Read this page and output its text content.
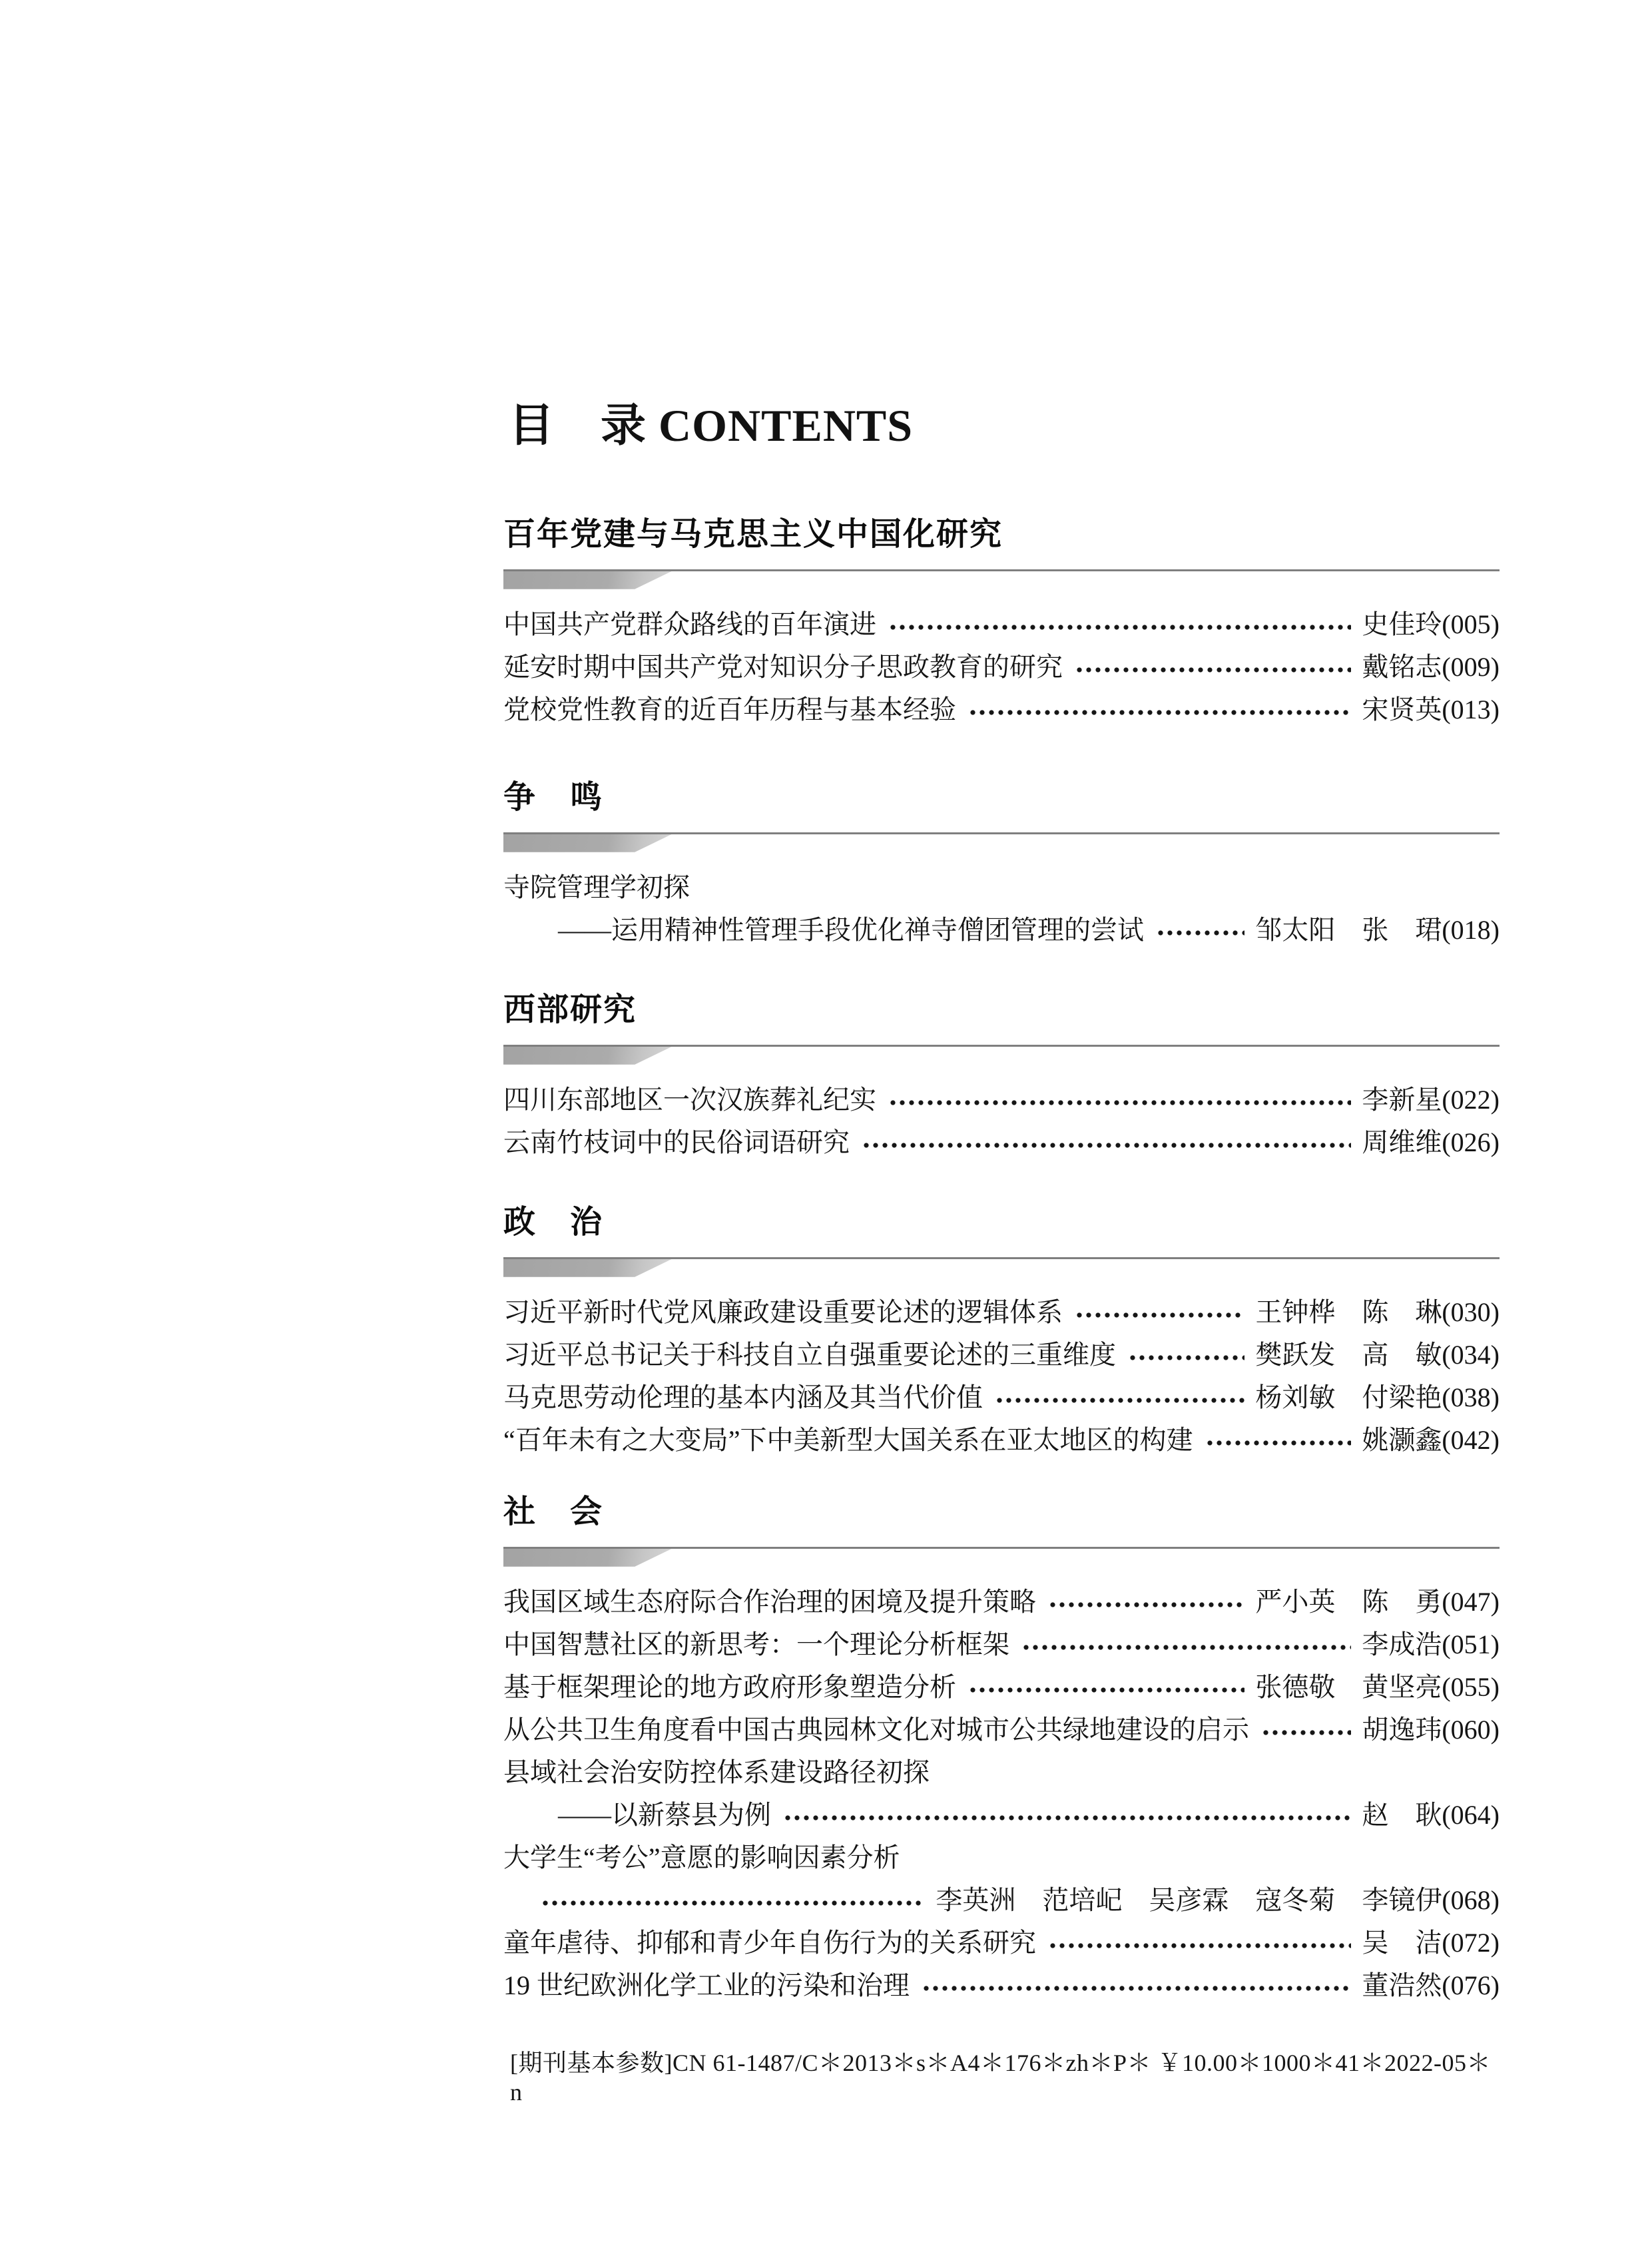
目　录 CONTENTS
百年党建与马克思主义中国化研究
中国共产党群众路线的百年演进	史佳玲(005)
延安时期中国共产党对知识分子思政教育的研究	戴铭志(009)
党校党性教育的近百年历程与基本经验	宋贤英(013)
争　鸣
寺院管理学初探
——运用精神性管理手段优化禅寺僧团管理的尝试	邹太阳　张　珺(018)
西部研究
四川东部地区一次汉族葬礼纪实	李新星(022)
云南竹枝词中的民俗词语研究	周维维(026)
政　治
习近平新时代党风廉政建设重要论述的逻辑体系	王钟桦　陈　琳(030)
习近平总书记关于科技自立自强重要论述的三重维度	樊跃发　高　敏(034)
马克思劳动伦理的基本内涵及其当代价值	杨刘敏　付梁艳(038)
“百年未有之大变局”下中美新型大国关系在亚太地区的构建	姚灏鑫(042)
社　会
我国区域生态府际合作治理的困境及提升策略	严小英　陈　勇(047)
中国智慧社区的新思考：一个理论分析框架	李成浩(051)
基于框架理论的地方政府形象塑造分析	张德敬　黄坚亮(055)
从公共卫生角度看中国古典园林文化对城市公共绿地建设的启示	胡逸玮(060)
县域社会治安防控体系建设路径初探
——以新蔡县为例	赵　耿(064)
大学生“考公”意愿的影响因素分析
李英洲　范培屺　吴彦霖　寇冬菊　李镜伊(068)
童年虐待、抑郁和青少年自伤行为的关系研究	吴　洁(072)
19 世纪欧洲化学工业的污染和治理	董浩然(076)
[期刊基本参数]CN 61-1487/C＊2013＊s＊A4＊176＊zh＊P＊ ￥10.00＊1000＊41＊2022-05＊n
